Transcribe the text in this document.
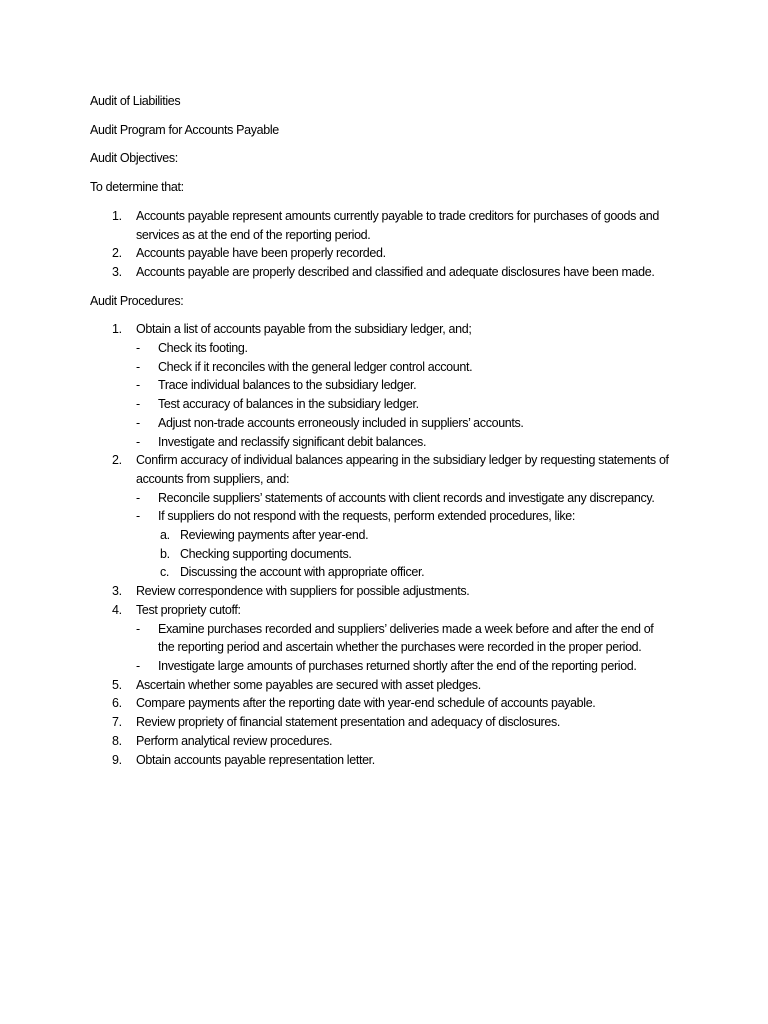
Audit of Liabilities

Audit Program for Accounts Payable

Audit Objectives:

To determine that:

1. Accounts payable represent amounts currently payable to trade creditors for purchases of goods and services as at the end of the reporting period.
2. Accounts payable have been properly recorded.
3. Accounts payable are properly described and classified and adequate disclosures have been made.

Audit Procedures:

1. Obtain a list of accounts payable from the subsidiary ledger, and;
- Check its footing.
- Check if it reconciles with the general ledger control account.
- Trace individual balances to the subsidiary ledger.
- Test accuracy of balances in the subsidiary ledger.
- Adjust non-trade accounts erroneously included in suppliers’ accounts.
- Investigate and reclassify significant debit balances.
2. Confirm accuracy of individual balances appearing in the subsidiary ledger by requesting statements of accounts from suppliers, and:
- Reconcile suppliers’ statements of accounts with client records and investigate any discrepancy.
- If suppliers do not respond with the requests, perform extended procedures, like:
a. Reviewing payments after year-end.
b. Checking supporting documents.
c. Discussing the account with appropriate officer.
3. Review correspondence with suppliers for possible adjustments.
4. Test propriety cutoff:
- Examine purchases recorded and suppliers’ deliveries made a week before and after the end of the reporting period and ascertain whether the purchases were recorded in the proper period.
- Investigate large amounts of purchases returned shortly after the end of the reporting period.
5. Ascertain whether some payables are secured with asset pledges.
6. Compare payments after the reporting date with year-end schedule of accounts payable.
7. Review propriety of financial statement presentation and adequacy of disclosures.
8. Perform analytical review procedures.
9. Obtain accounts payable representation letter.
